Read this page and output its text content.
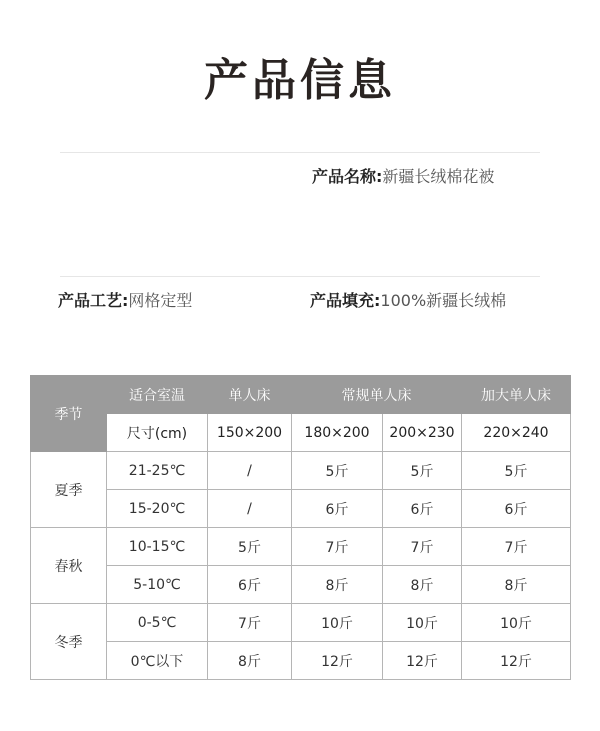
产品信息
产品名称:新疆长绒棉花被
产品工艺:网格定型	产品填充:100%新疆长绒棉
季节	适合室温	单人床	常规单人床		加大单人床
	尺寸(cm)	150×200	180×200	200×230	220×240
夏季	21-25℃	/	5斤	5斤	5斤
	15-20℃	/	6斤	6斤	6斤
春秋	10-15℃	5斤	7斤	7斤	7斤
	5-10℃	6斤	8斤	8斤	8斤
冬季	0-5℃	7斤	10斤	10斤	10斤
	0℃以下	8斤	12斤	12斤	12斤
